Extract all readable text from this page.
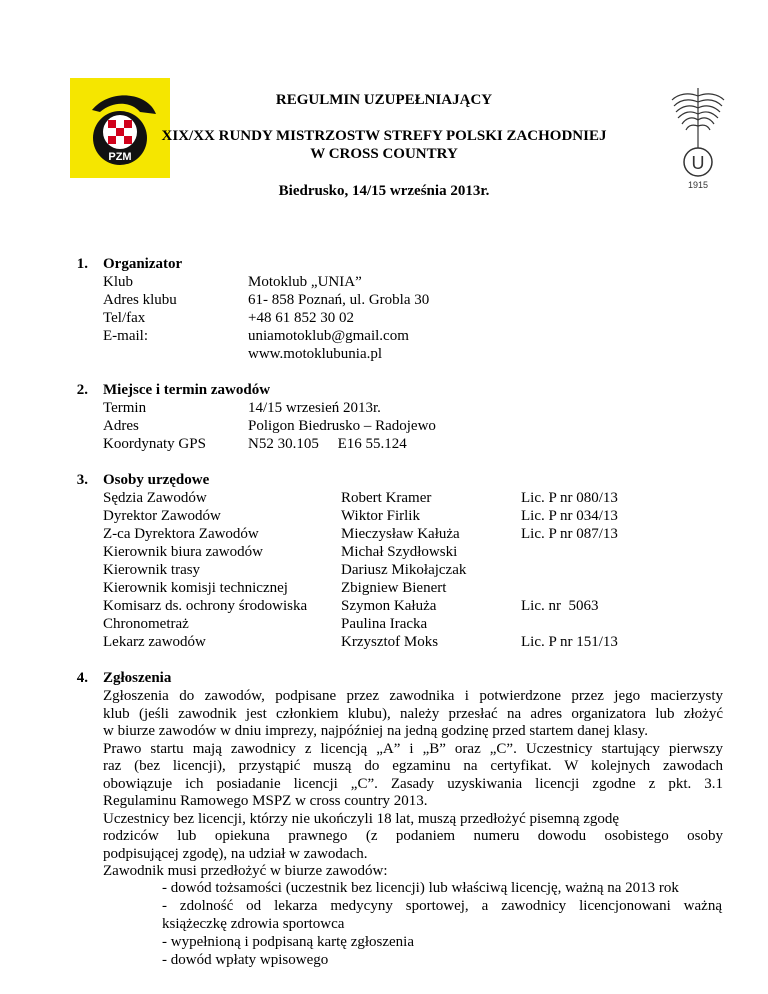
PZM	U
1915
REGULMIN UZUPEŁNIAJĄCY
XIX/XX RUNDY MISTRZOSTW STREFY POLSKI ZACHODNIEJ
W CROSS COUNTRY
Biedrusko, 14/15 września 2013r.
1. Organizator
Klub	Motoklub „UNIA”
Adres klubu	61- 858 Poznań, ul. Grobla 30
Tel/fax	+48 61 852 30 02
E-mail:	uniamotoklub@gmail.com
www.motoklubunia.pl
2. Miejsce i termin zawodów
Termin	14/15 wrzesień 2013r.
Adres	Poligon Biedrusko – Radojewo
Koordynaty GPS	N52 30.105     E16 55.124
3. Osoby urzędowe
Sędzia Zawodów	Robert Kramer	Lic. P nr 080/13
Dyrektor Zawodów	Wiktor Firlik	Lic. P nr 034/13
Z-ca Dyrektora Zawodów	Mieczysław Kałuża	Lic. P nr 087/13
Kierownik biura zawodów	Michał Szydłowski
Kierownik trasy	Dariusz Mikołajczak
Kierownik komisji technicznej	Zbigniew Bienert
Komisarz ds. ochrony środowiska Szymon Kałuża	Lic. nr  5063
Chronometraż	Paulina Iracka
Lekarz zawodów	Krzysztof Moks	Lic. P nr 151/13
4. Zgłoszenia
Zgłoszenia do zawodów, podpisane przez zawodnika i potwierdzone przez jego macierzysty
klub (jeśli zawodnik jest członkiem klubu), należy przesłać na adres organizatora lub złożyć
w biurze zawodów w dniu imprezy, najpóźniej na jedną godzinę przed startem danej klasy.
Prawo startu mają zawodnicy z licencją „A” i „B” oraz „C”. Uczestnicy startujący pierwszy
raz (bez licencji), przystąpić muszą do egzaminu na certyfikat. W kolejnych zawodach
obowiązuje ich posiadanie licencji „C”. Zasady uzyskiwania licencji zgodne z pkt. 3.1
Regulaminu Ramowego MSPZ w cross country 2013.
Uczestnicy bez licencji, którzy nie ukończyli 18 lat, muszą przedłożyć pisemną zgodę
rodziców lub opiekuna prawnego (z podaniem numeru dowodu osobistego osoby
podpisującej zgodę), na udział w zawodach.
Zawodnik musi przedłożyć w biurze zawodów:
- dowód tożsamości (uczestnik bez licencji) lub właściwą licencję, ważną na 2013 rok
- zdolność od lekarza medycyny sportowej, a zawodnicy licencjonowani ważną
książeczkę zdrowia sportowca
- wypełnioną i podpisaną kartę zgłoszenia
- dowód wpłaty wpisowego
